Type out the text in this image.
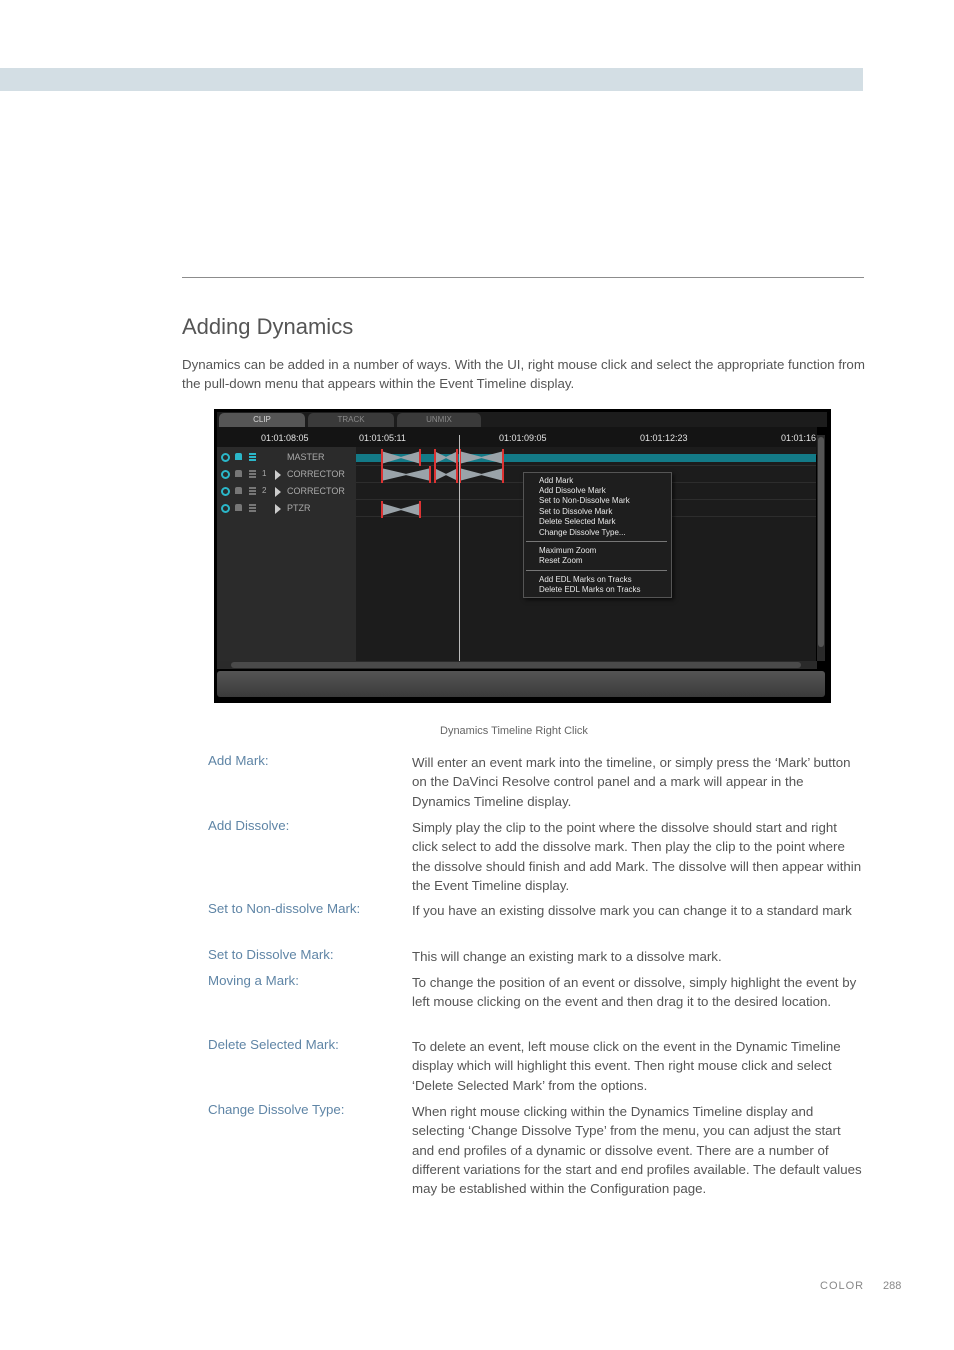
Adding Dynamics

Dynamics can be added in a number of ways. With the UI, right mouse click and select the appropriate function from the pull-down menu that appears within the Event Timeline display.

CLIP	TRACK	UNMIX
01:01:08:05	01:01:05:11	01:01:09:05	01:01:12:23	01:01:16
MASTER
1 CORRECTOR
2 CORRECTOR
PTZR
Add Mark
Add Dissolve Mark
Set to Non-Dissolve Mark
Set to Dissolve Mark
Delete Selected Mark
Change Dissolve Type...
Maximum Zoom
Reset Zoom
Add EDL Marks on Tracks
Delete EDL Marks on Tracks
Dynamics Timeline Right Click
Add Mark:	Will enter an event mark into the timeline, or simply press the ‘Mark’ button on the DaVinci Resolve control panel and a mark will appear in the Dynamics Timeline display.

Add Dissolve:	Simply play the clip to the point where the dissolve should start and right click select to add the dissolve mark. Then play the clip to the point where the dissolve should finish and add Mark. The dissolve will then appear within the Event Timeline display.

Set to Non-dissolve Mark:	If you have an existing dissolve mark you can change it to a standard mark

Set to Dissolve Mark:	This will change an existing mark to a dissolve mark.

Moving a Mark:	To change the position of an event or dissolve, simply highlight the event by left mouse clicking on the event and then drag it to the desired location.

Delete Selected Mark:	To delete an event, left mouse click on the event in the Dynamic Timeline display which will highlight this event. Then right mouse click and select ‘Delete Selected Mark’ from the options.

Change Dissolve Type:	When right mouse clicking within the Dynamics Timeline display and selecting ‘Change Dissolve Type’ from the menu, you can adjust the start and end profiles of a dynamic or dissolve event. There are a number of different variations for the start and end profiles available. The default values may be established within the Configuration page.

COLOR 288
